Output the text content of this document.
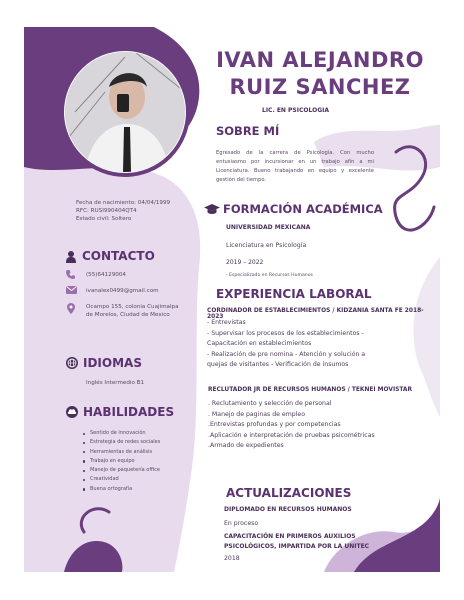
IVAN ALEJANDRO
RUIZ SANCHEZ
LIC. EN PSICOLOGIA
SOBRE MÍ
Egresado de la carrera de Psicología. Con mucho entusiasmo por incursionar en un trabajo afín a mi Licenciatura. Bueno trabajando en equipo y excelente gestión del tiempo.
Fecha de nacimiento: 04/04/1999
RFC: RUSI990404QT4
Estado civil: Soltero
CONTACTO
(55)64129004
ivanalex0499@gmail.com
Ocampo 155, colonia Cuajimalpa de Morelos, Ciudad de Mexico
IDIOMAS
Inglés Intermedio B1
HABILIDADES
Sentido de innovación
Estrategia de redes sociales
Herramientas de análisis
Trabajo en equipo
Manejo de paquetería office
Creatividad
Buena ortografía
FORMACIÓN ACADÉMICA
UNIVERSIDAD MEXICANA
Licenciatura en Psicología
2019 – 2022
- Especializado en Recursos Humanos
EXPERIENCIA LABORAL
CORDINADOR DE ESTABLECIMIENTOS / KIDZANIA SANTA FE 2018-2023
- Entrevistas
- Supervisar los procesos de los establecimientos -
Capacitación en establecimientos
- Realización de pre nomina - Atención y solución a
quejas de visitantes - Verificación de insumos
RECLUTADOR JR DE RECURSOS HUMANOS / TEKNEI MOVISTAR
. Reclutamiento y selección de personal
. Manejo de paginas de empleo
.Entrevistas profundas y por competencias
.Aplicación e interpretación de pruebas psicométricas
.Armado de expedientes
ACTUALIZACIONES
DIPLOMADO EN RECURSOS HUMANOS
En proceso
CAPACITACIÓN EN PRIMEROS AUXILIOS
PSICOLÓGICOS, IMPARTIDA POR LA UNITEC
2018
